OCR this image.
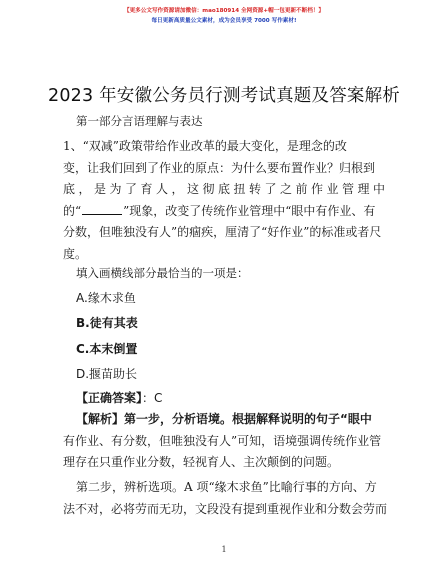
【更多公文写作资源请加微信：mao180914 全网资源+帽一包更新不断档！】
每日更新高质量公文素材，成为会员享受 7000 写作素材!
2023 年安徽公务员行测考试真题及答案解析
第一部分言语理解与表达
1、“双减”政策带给作业改革的最大变化，是理念的改
变，让我们回到了作业的原点：为什么要布置作业？归根到
底，是为了育人，这彻底扭转了之前作业管理中
的“	”现象，改变了传统作业管理中“眼中有作业、有
分数，但唯独没有人”的痼疾，厘清了“好作业”的标准或者尺
度。
填入画横线部分最恰当的一项是：
A.缘木求鱼
B.徒有其表
C.本末倒置
D.揠苗助长
【正确答案】：C
【解析】第一步，分析语境。根据解释说明的句子“眼中
有作业、有分数，但唯独没有人”可知，语境强调传统作业管
理存在只重作业分数，轻视育人、主次颠倒的问题。
第二步，辨析选项。A 项“缘木求鱼”比喻行事的方向、方
法不对，必将劳而无功，文段没有提到重视作业和分数会劳而
1
